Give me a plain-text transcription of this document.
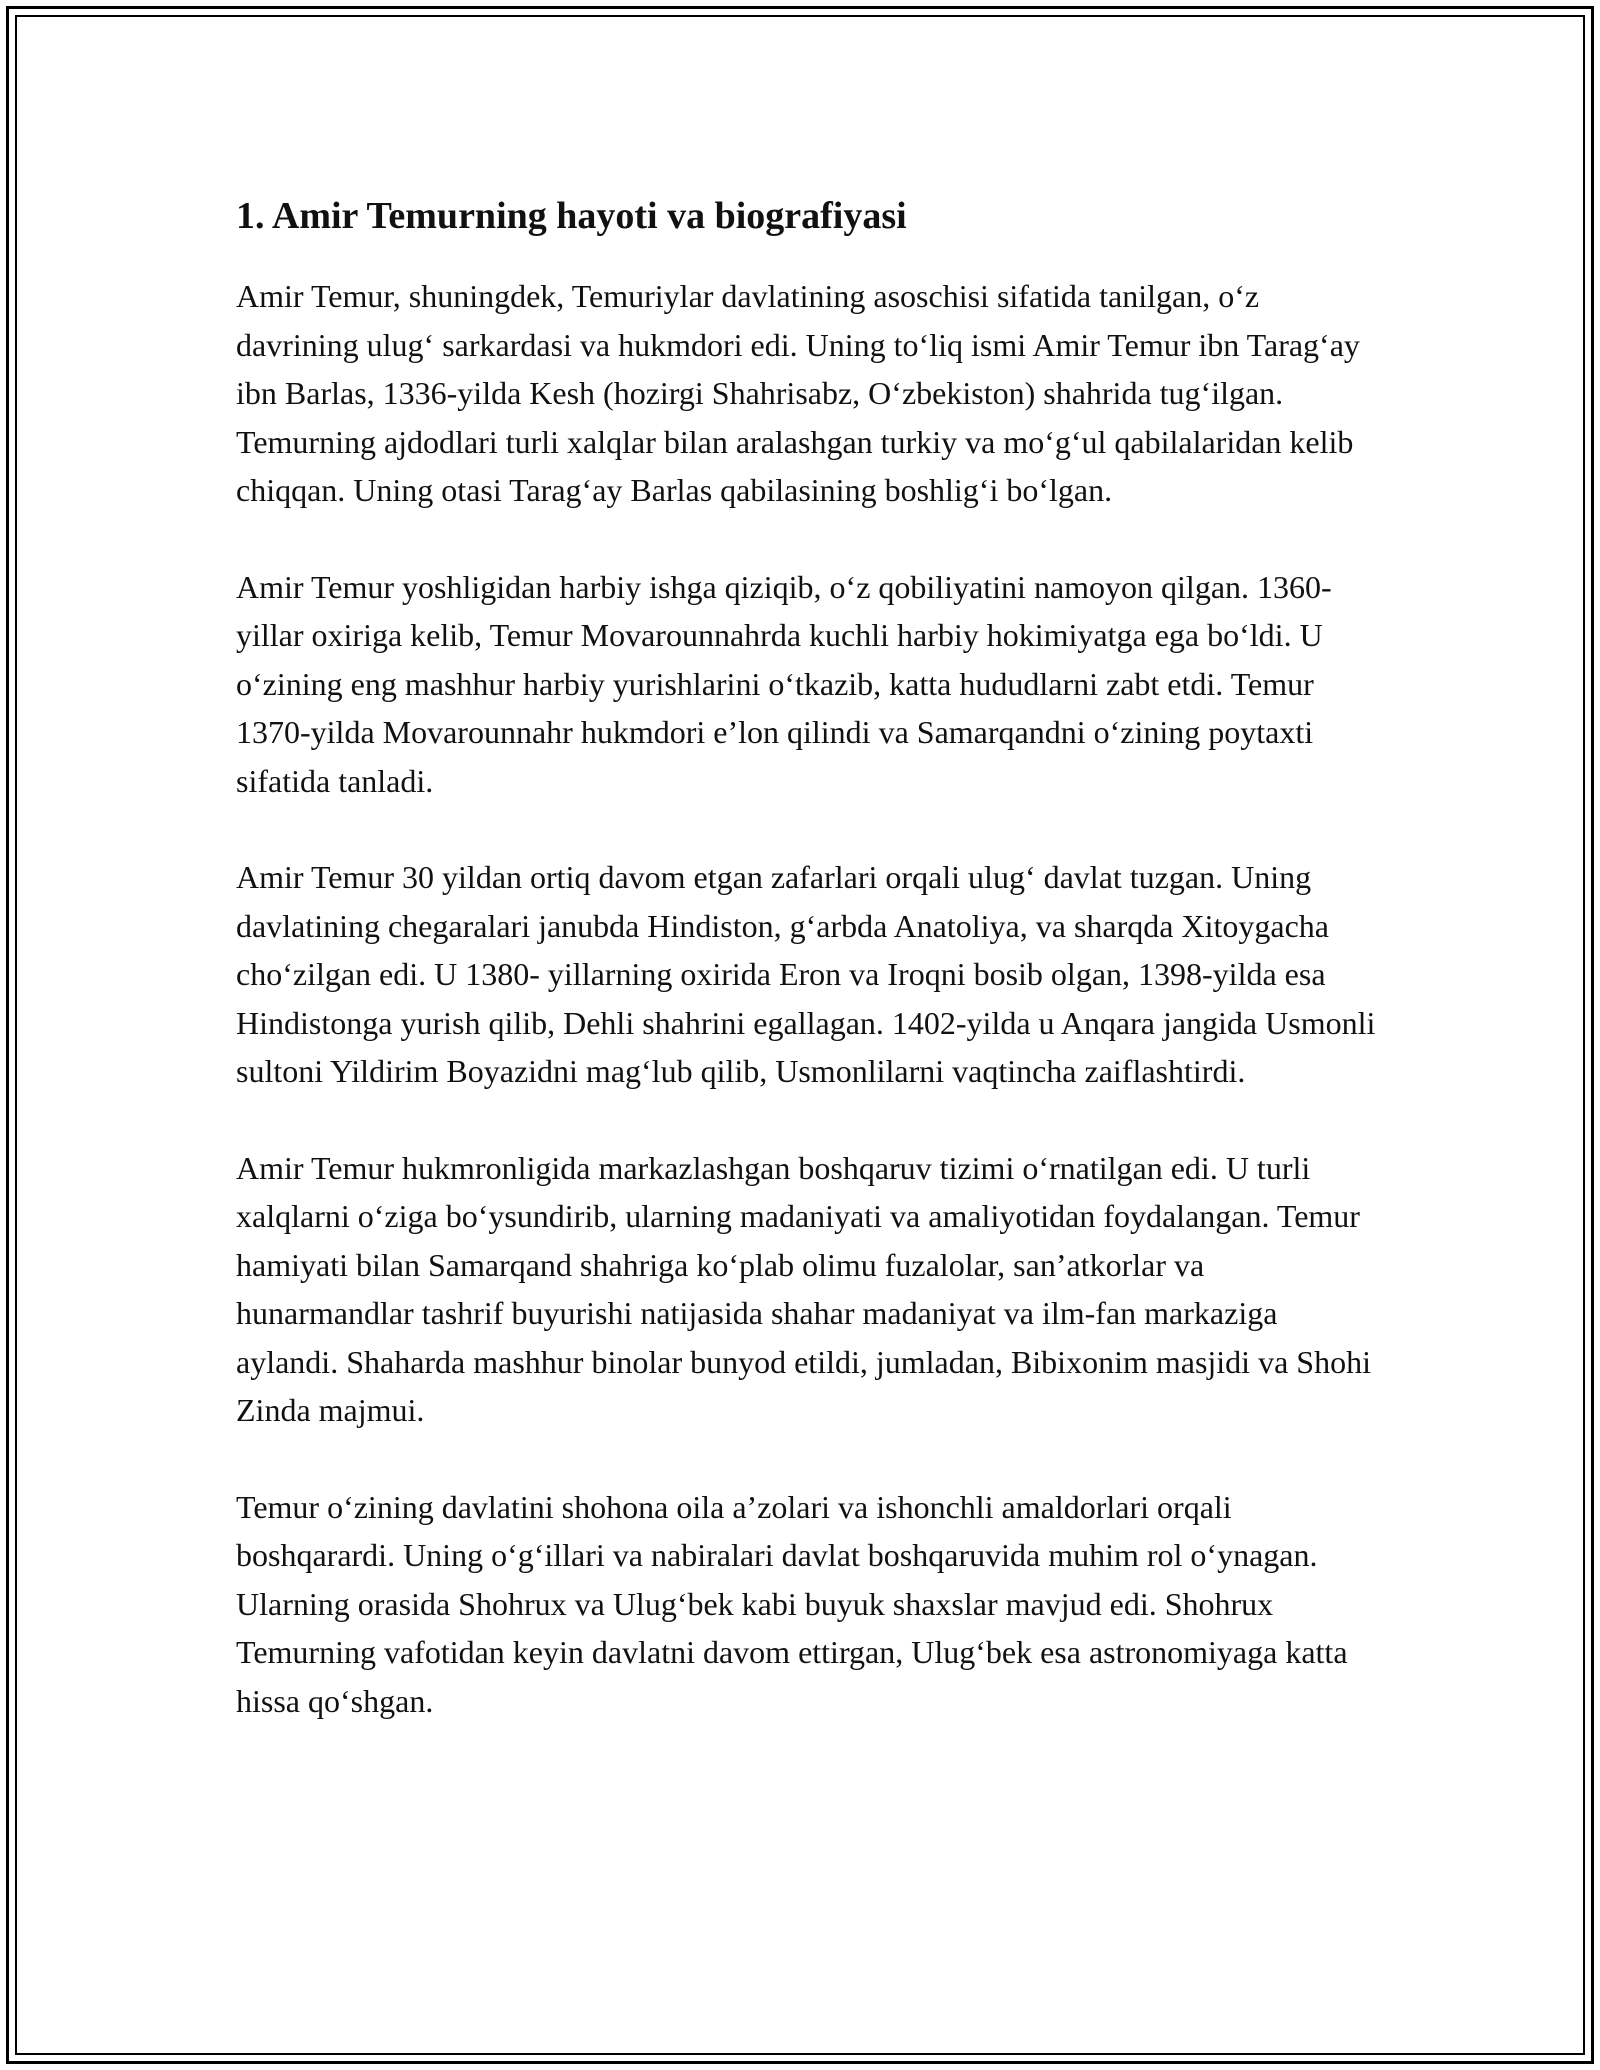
1. Amir Temurning hayoti va biografiyasi

Amir Temur, shuningdek, Temuriylar davlatining asoschisi sifatida tanilgan, o‘z davrining ulug‘ sarkardasi va hukmdori edi. Uning to‘liq ismi Amir Temur ibn Tarag‘ay ibn Barlas, 1336-yilda Kesh (hozirgi Shahrisabz, O‘zbekiston) shahrida tug‘ilgan. Temurning ajdodlari turli xalqlar bilan aralashgan turkiy va mo‘g‘ul qabilalaridan kelib chiqqan. Uning otasi Tarag‘ay Barlas qabilasining boshlig‘i bo‘lgan.

Amir Temur yoshligidan harbiy ishga qiziqib, o‘z qobiliyatini namoyon qilgan. 1360-yillar oxiriga kelib, Temur Movarounnahrda kuchli harbiy hokimiyatga ega bo‘ldi. U o‘zining eng mashhur harbiy yurishlarini o‘tkazib, katta hududlarni zabt etdi. Temur 1370-yilda Movarounnahr hukmdori e’lon qilindi va Samarqandni o‘zining poytaxti sifatida tanladi.

Amir Temur 30 yildan ortiq davom etgan zafarlari orqali ulug‘ davlat tuzgan. Uning davlatining chegaralari janubda Hindiston, g‘arbda Anatoliya, va sharqda Xitoygacha cho‘zilgan edi. U 1380- yillarning oxirida Eron va Iroqni bosib olgan, 1398-yilda esa Hindistonga yurish qilib, Dehli shahrini egallagan. 1402-yilda u Anqara jangida Usmonli sultoni Yildirim Boyazidni mag‘lub qilib, Usmonlilarni vaqtincha zaiflashtirdi.

Amir Temur hukmronligida markazlashgan boshqaruv tizimi o‘rnatilgan edi. U turli xalqlarni o‘ziga bo‘ysundirib, ularning madaniyati va amaliyotidan foydalangan. Temur hamiyati bilan Samarqand shahriga ko‘plab olimu fuzalolar, san’atkorlar va hunarmandlar tashrif buyurishi natijasida shahar madaniyat va ilm-fan markaziga aylandi. Shaharda mashhur binolar bunyod etildi, jumladan, Bibixonim masjidi va Shohi Zinda majmui.

Temur o‘zining davlatini shohona oila a’zolari va ishonchli amaldorlari orqali boshqarardi. Uning o‘g‘illari va nabiralari davlat boshqaruvida muhim rol o‘ynagan. Ularning orasida Shohrux va Ulug‘bek kabi buyuk shaxslar mavjud edi. Shohrux Temurning vafotidan keyin davlatni davom ettirgan, Ulug‘bek esa astronomiyaga katta hissa qo‘shgan.
